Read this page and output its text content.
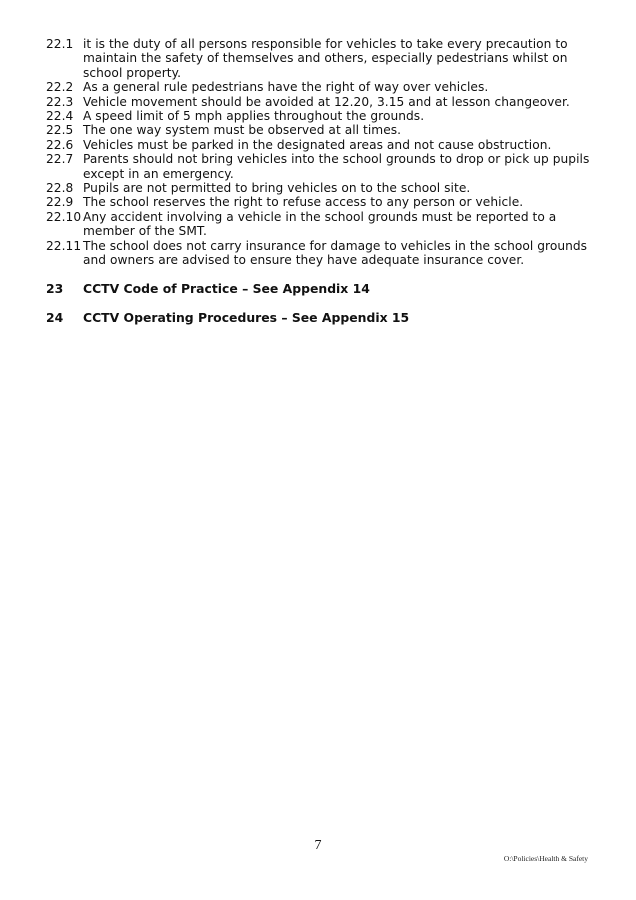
22.1 it is the duty of all persons responsible for vehicles to take every precaution to maintain the safety of themselves and others, especially pedestrians whilst on school property.
22.2 As a general rule pedestrians have the right of way over vehicles.
22.3 Vehicle movement should be avoided at 12.20, 3.15 and at lesson changeover.
22.4 A speed limit of 5 mph applies throughout the grounds.
22.5 The one way system must be observed at all times.
22.6 Vehicles must be parked in the designated areas and not cause obstruction.
22.7 Parents should not bring vehicles into the school grounds to drop or pick up pupils except in an emergency.
22.8 Pupils are not permitted to bring vehicles on to the school site.
22.9 The school reserves the right to refuse access to any person or vehicle.
22.10 Any accident involving a vehicle in the school grounds must be reported to a member of the SMT.
22.11 The school does not carry insurance for damage to vehicles in the school grounds and owners are advised to ensure they have adequate insurance cover.
23	CCTV Code of Practice – See Appendix 14
24	CCTV Operating Procedures – See Appendix 15
7
O:\Policies\Health & Safety
